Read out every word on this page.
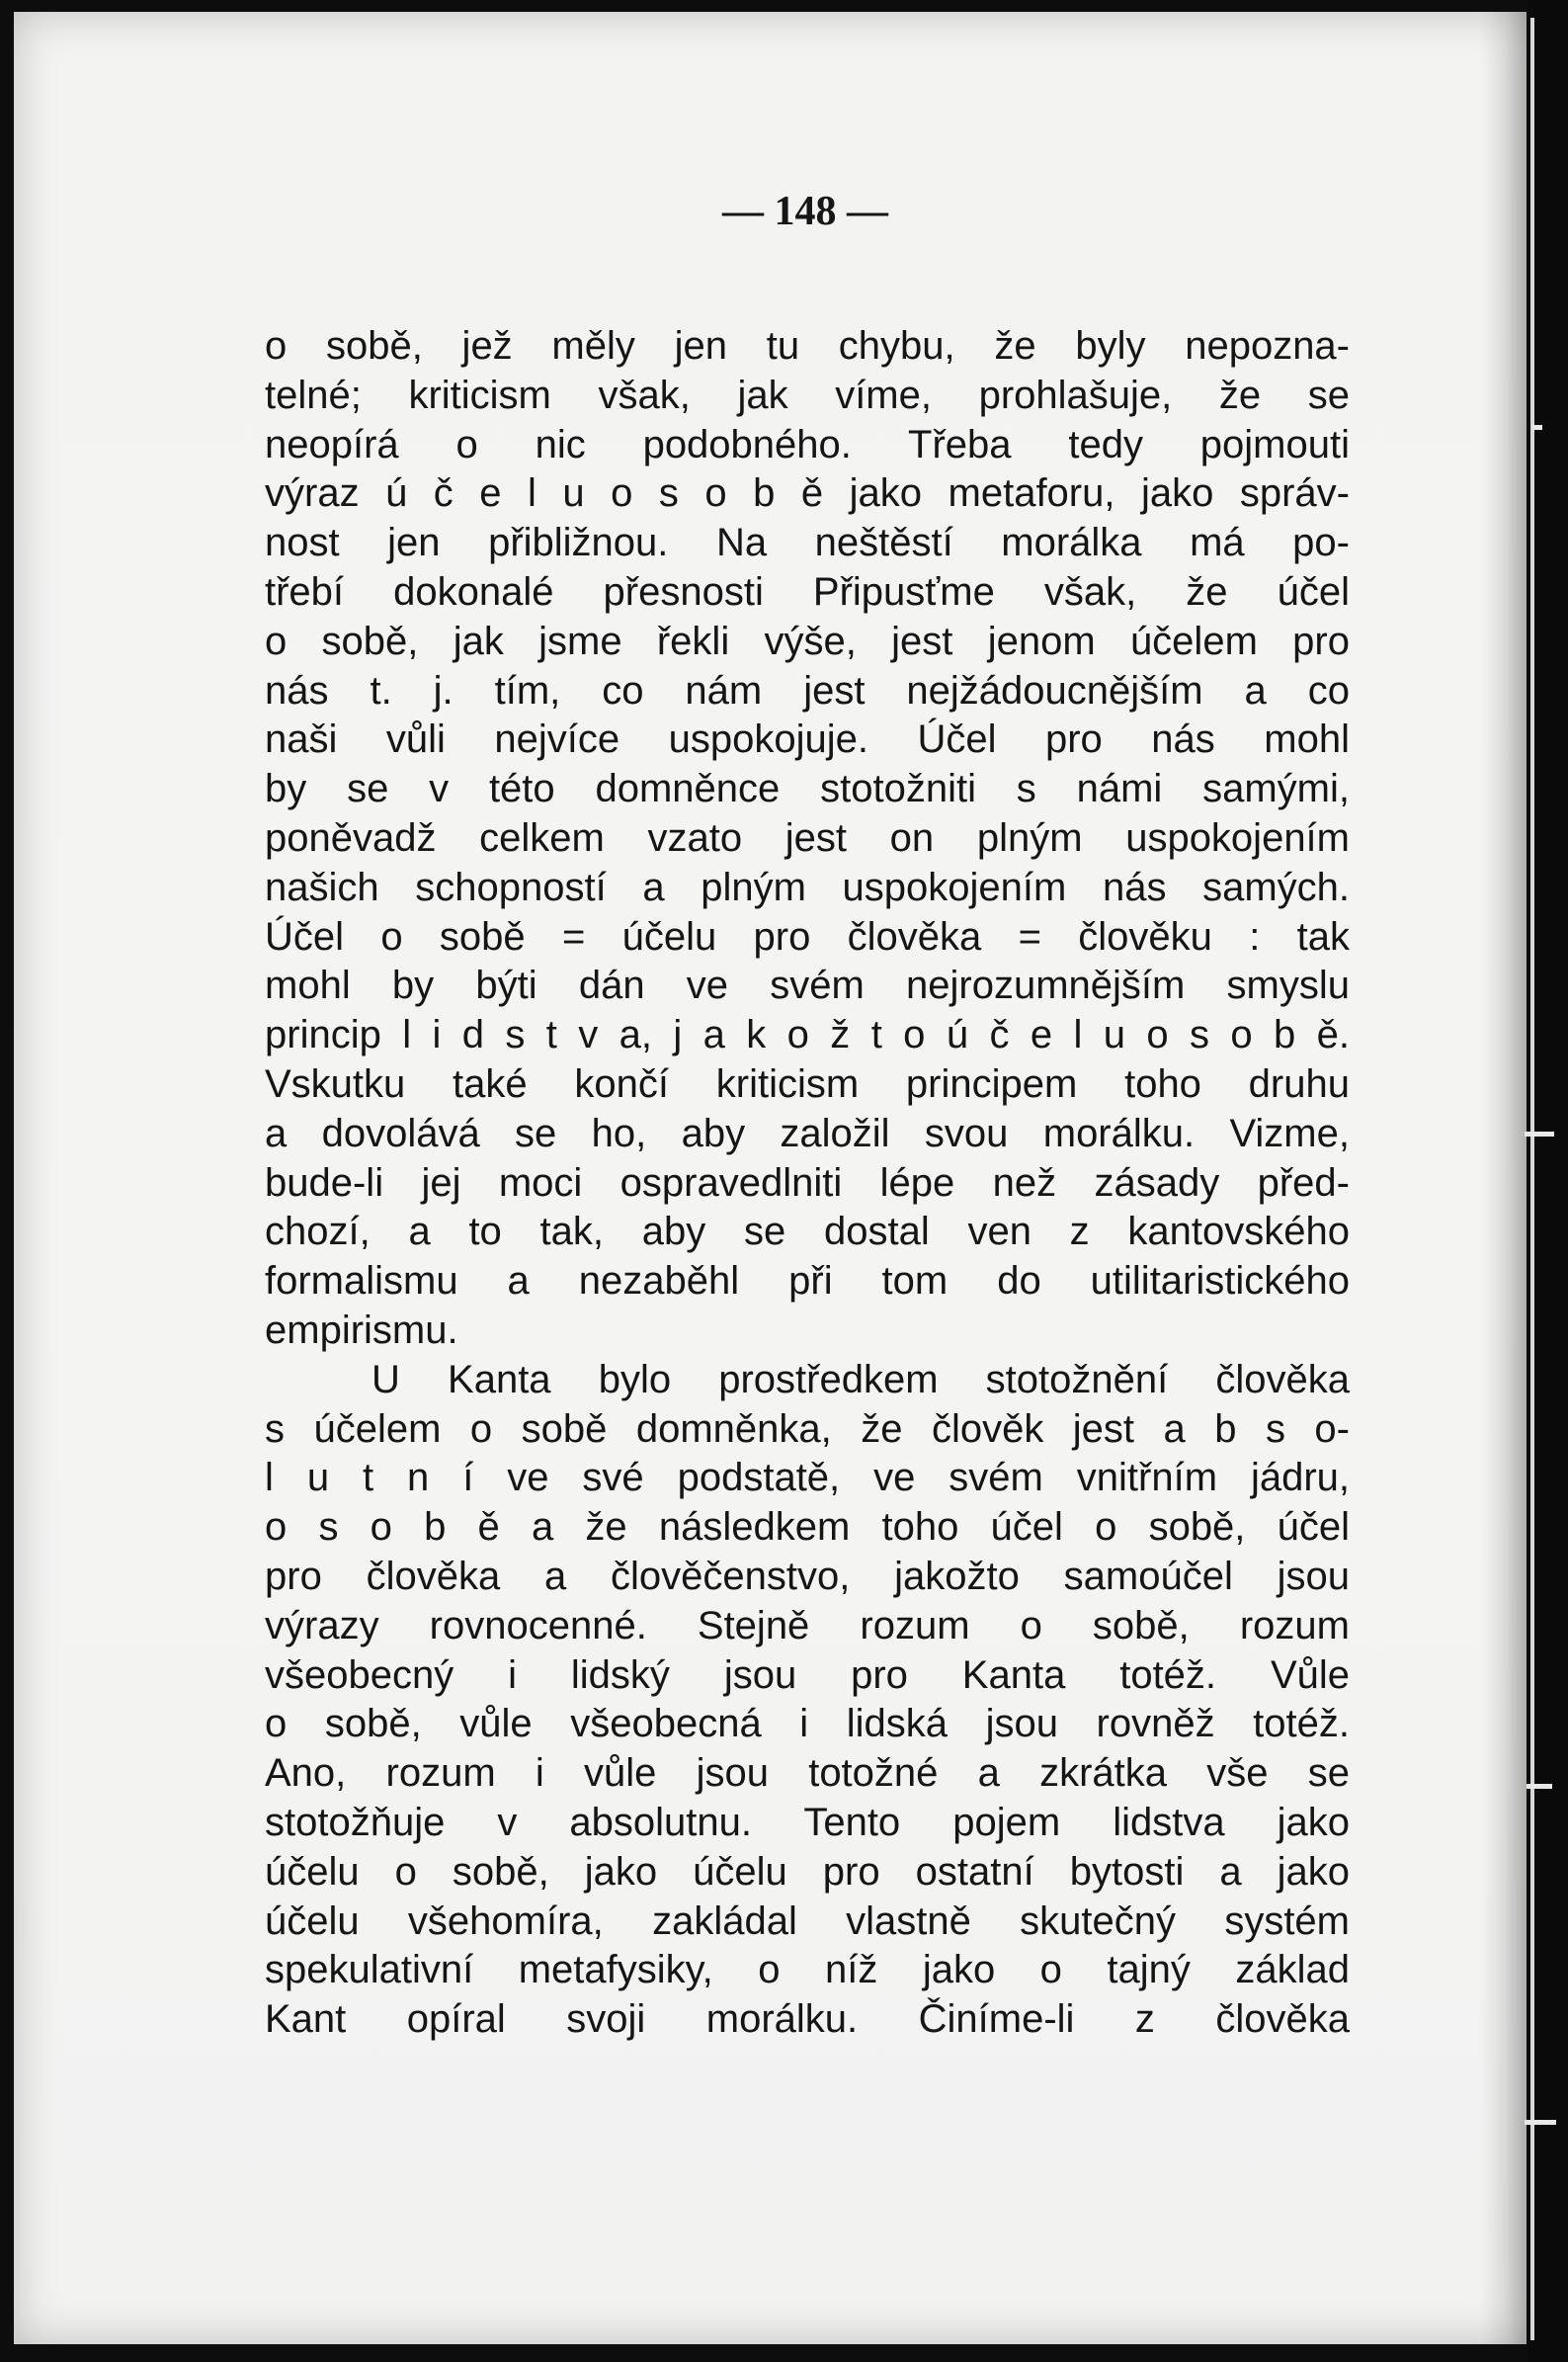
— 148 —
o sobě, jež měly jen tu chybu, že byly nepozna-
telné; kriticism však, jak víme, prohlašuje, že se
neopírá o nic podobného. Třeba tedy pojmouti
výraz ú č e l u o s o b ě jako metaforu, jako správ-
nost jen přibližnou. Na neštěstí morálka má po-
třebí dokonalé přesnosti Připusťme však, že účel
o sobě, jak jsme řekli výše, jest jenom účelem pro
nás t. j. tím, co nám jest nejžádoucnějším a co
naši vůli nejvíce uspokojuje. Účel pro nás mohl
by se v této domněnce stotožniti s námi samými,
poněvadž celkem vzato jest on plným uspokojením
našich schopností a plným uspokojením nás samých.
Účel o sobě = účelu pro člověka = člověku : tak
mohl by býti dán ve svém nejrozumnějším smyslu
princip l i d s t v a, j a k o ž t o ú č e l u o s o b ě.
Vskutku také končí kriticism principem toho druhu
a dovolává se ho, aby založil svou morálku. Vizme,
bude-li jej moci ospravedlniti lépe než zásady před-
chozí, a to tak, aby se dostal ven z kantovského
formalismu a nezaběhl při tom do utilitaristického
empirismu.
U Kanta bylo prostředkem stotožnění člověka
s účelem o sobě domněnka, že člověk jest a b s o-
l u t n í ve své podstatě, ve svém vnitřním jádru,
o s o b ě a že následkem toho účel o sobě, účel
pro člověka a člověčenstvo, jakožto samoúčel jsou
výrazy rovnocenné. Stejně rozum o sobě, rozum
všeobecný i lidský jsou pro Kanta totéž. Vůle
o sobě, vůle všeobecná i lidská jsou rovněž totéž.
Ano, rozum i vůle jsou totožné a zkrátka vše se
stotožňuje v absolutnu. Tento pojem lidstva jako
účelu o sobě, jako účelu pro ostatní bytosti a jako
účelu všehomíra, zakládal vlastně skutečný systém
spekulativní metafysiky, o níž jako o tajný základ
Kant opíral svoji morálku. Činíme-li z člověka
